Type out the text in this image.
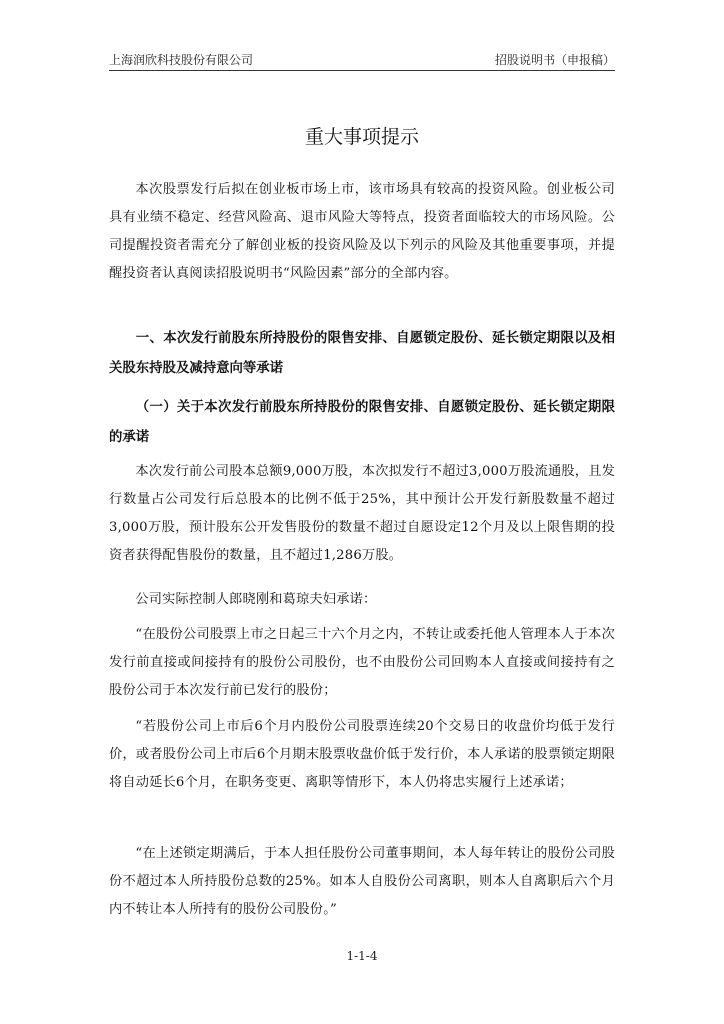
上海润欣科技股份有限公司	招股说明书（申报稿）
重大事项提示

本次股票发行后拟在创业板市场上市，该市场具有较高的投资风险。创业板公司具有业绩不稳定、经营风险高、退市风险大等特点，投资者面临较大的市场风险。公司提醒投资者需充分了解创业板的投资风险及以下列示的风险及其他重要事项，并提醒投资者认真阅读招股说明书“风险因素”部分的全部内容。

一、本次发行前股东所持股份的限售安排、自愿锁定股份、延长锁定期限以及相关股东持股及减持意向等承诺

（一）关于本次发行前股东所持股份的限售安排、自愿锁定股份、延长锁定期限的承诺

本次发行前公司股本总额9,000万股，本次拟发行不超过3,000万股流通股，且发行数量占公司发行后总股本的比例不低于25%，其中预计公开发行新股数量不超过3,000万股，预计股东公开发售股份的数量不超过自愿设定12个月及以上限售期的投资者获得配售股份的数量，且不超过1,286万股。

公司实际控制人郎晓刚和葛琼夫妇承诺：

“在股份公司股票上市之日起三十六个月之内，不转让或委托他人管理本人于本次发行前直接或间接持有的股份公司股份，也不由股份公司回购本人直接或间接持有之股份公司于本次发行前已发行的股份；

“若股份公司上市后6个月内股份公司股票连续20个交易日的收盘价均低于发行价，或者股份公司上市后6个月期末股票收盘价低于发行价，本人承诺的股票锁定期限将自动延长6个月，在职务变更、离职等情形下，本人仍将忠实履行上述承诺；

“在上述锁定期满后，于本人担任股份公司董事期间，本人每年转让的股份公司股份不超过本人所持股份总数的25%。如本人自股份公司离职，则本人自离职后六个月内不转让本人所持有的股份公司股份。”

1-1-4
